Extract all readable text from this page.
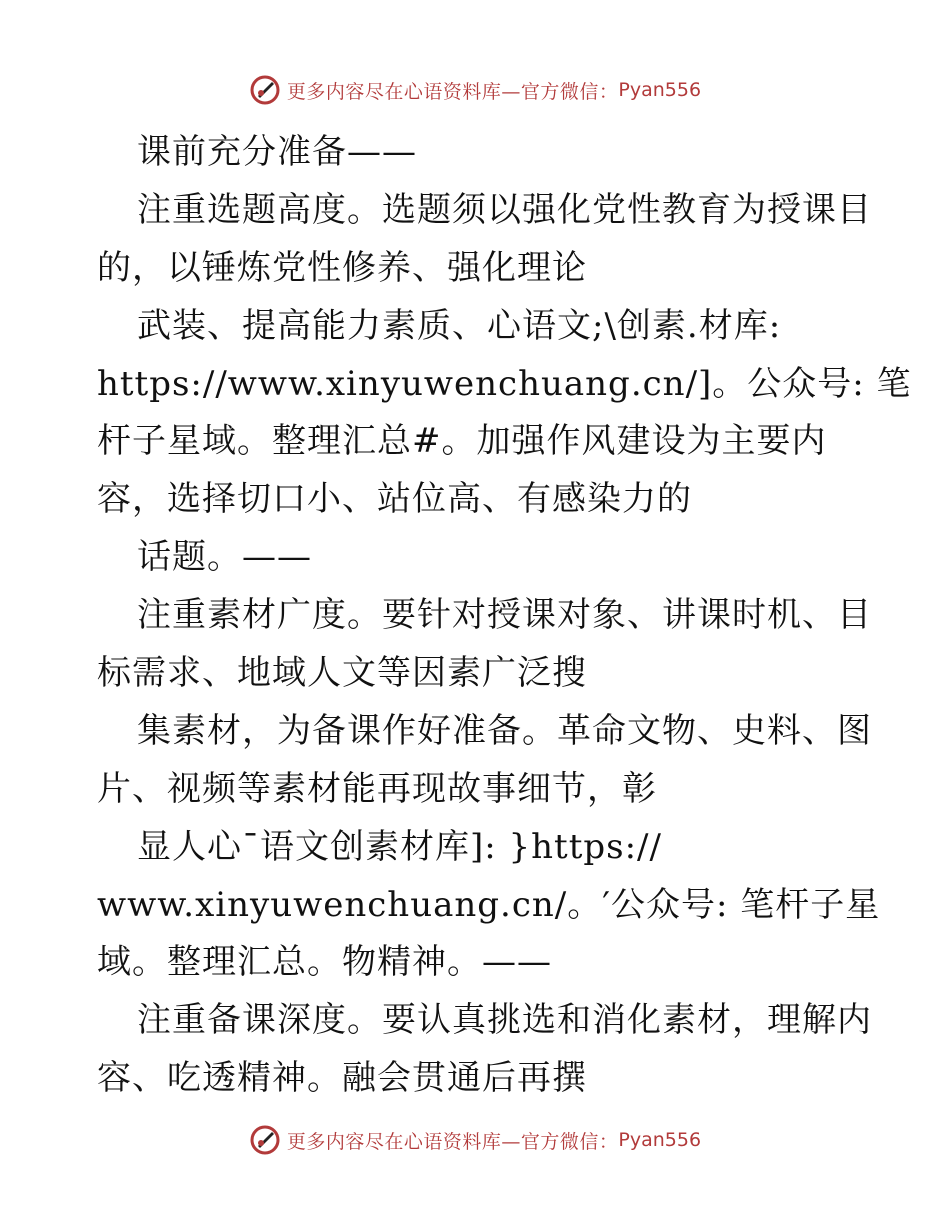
更多内容尽在心语资料库—官方微信： Pyan556
课前充分准备——
注重选题高度。选题须以强化党性教育为授课目
的，以锤炼党性修养、强化理论
武装、提高能力素质、心语文;\创素.材库:
https://www.xinyuwenchuang.cn/]。公众号: 笔
杆子星域。整理汇总#。加强作风建设为主要内
容，选择切口小、站位高、有感染力的
话题。——
注重素材广度。要针对授课对象、讲课时机、目
标需求、地域人文等因素广泛搜
集素材，为备课作好准备。革命文物、史料、图
片、视频等素材能再现故事细节，彰
显人心¯语文创素材库]: }https://
www.xinyuwenchuang.cn/。′公众号: 笔杆子星
域。整理汇总。物精神。——
注重备课深度。要认真挑选和消化素材，理解内
容、吃透精神。融会贯通后再撰
更多内容尽在心语资料库—官方微信： Pyan556
